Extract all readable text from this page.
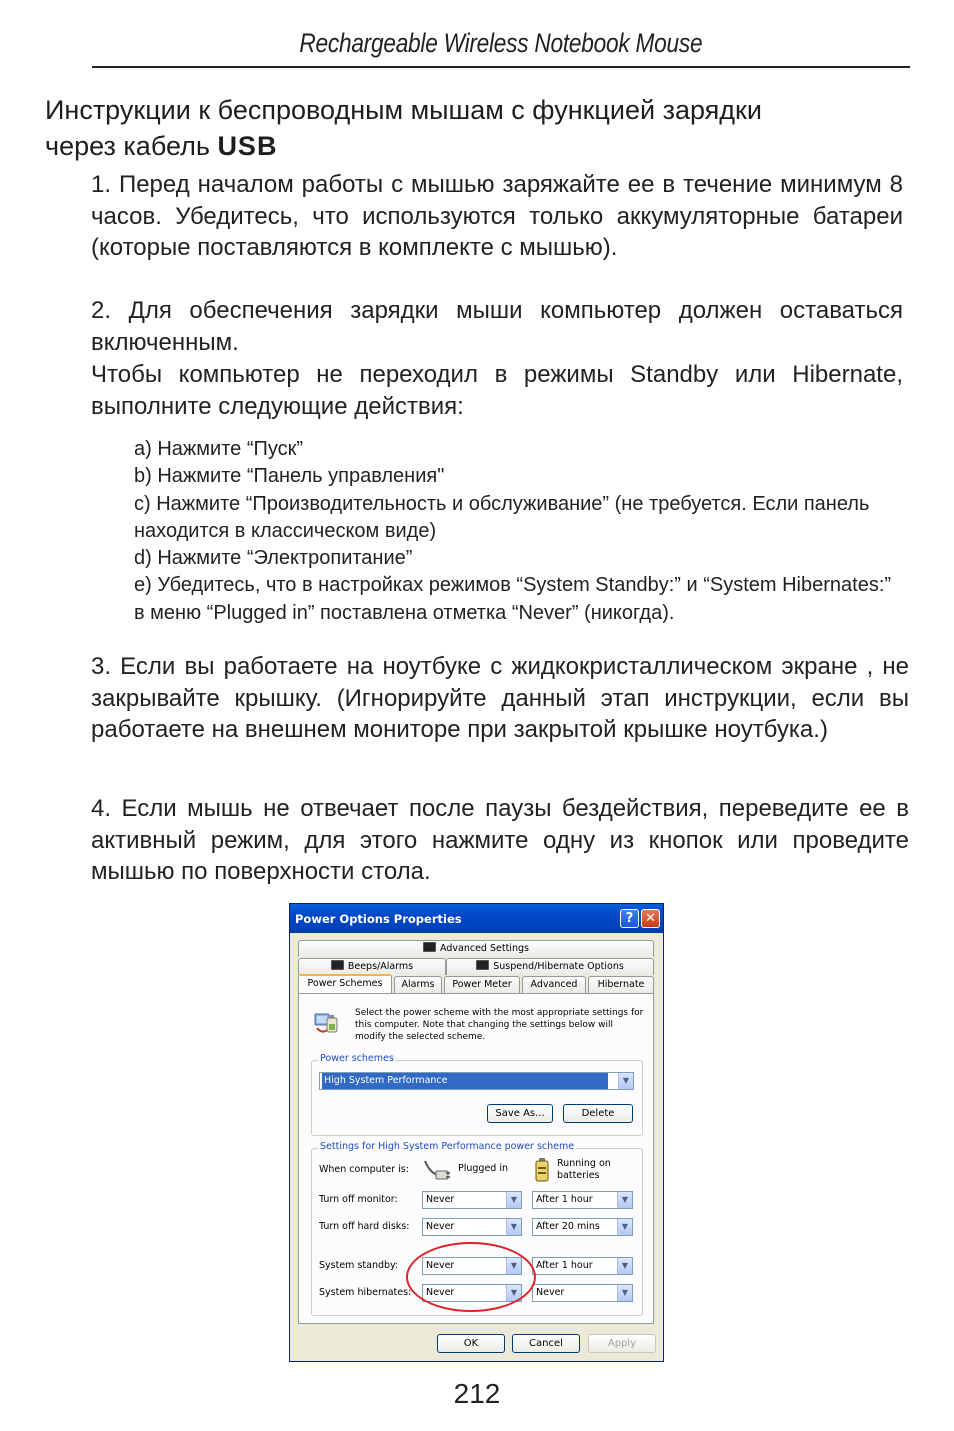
Rechargeable Wireless Notebook Mouse
Инструкции к беспроводным мышам с функцией зарядки
через кабель USB
1. Перед началом работы с мышью заряжайте ее в течение минимум 8 часов. Убедитесь, что используются только аккумуляторные батареи (которые поставляются в комплекте с мышью).
2. Для обеспечения зарядки мыши компьютер должен оставаться включенным.
Чтобы компьютер не переходил в режимы Standby или Hibernate, выполните следующие действия:
a) Нажмите “Пуск”
b) Нажмите “Панель управления"
c) Нажмите “Производительность и обслуживание” (не требуется. Если панель находится в классическом виде)
d) Нажмите “Электропитание”
e) Убедитесь, что в настройках режимов “System Standby:” и “System Hibernates:” в меню “Plugged in” поставлена отметка “Never” (никогда).
3. Если вы работаете на ноутбуке с жидкокристаллическом экране , не закрывайте крышку. (Игнорируйте данный этап инструкции, если вы работаете на внешнем мониторе при закрытой крышке ноутбука.)
4. Если мышь не отвечает после паузы бездействия, переведите ее в активный режим, для этого нажмите одну из кнопок или проведите мышью по поверхности стола.
Power Options Properties	? ✕
Advanced Settings
Beeps/Alarms	Suspend/Hibernate Options
Power Schemes	Alarms	Power Meter	Advanced	Hibernate
Select the power scheme with the most appropriate settings for this computer. Note that changing the settings below will modify the selected scheme.
Power schemes
High System Performance	▼
Save As...	Delete
Settings for High System Performance power scheme
When computer is:	Plugged in	Running on batteries
Turn off monitor:	Never	▼	After 1 hour	▼
Turn off hard disks:	Never	▼	After 20 mins	▼
System standby:	Never	▼	After 1 hour	▼
System hibernates:	Never	▼	Never	▼
OK	Cancel	Apply
212
